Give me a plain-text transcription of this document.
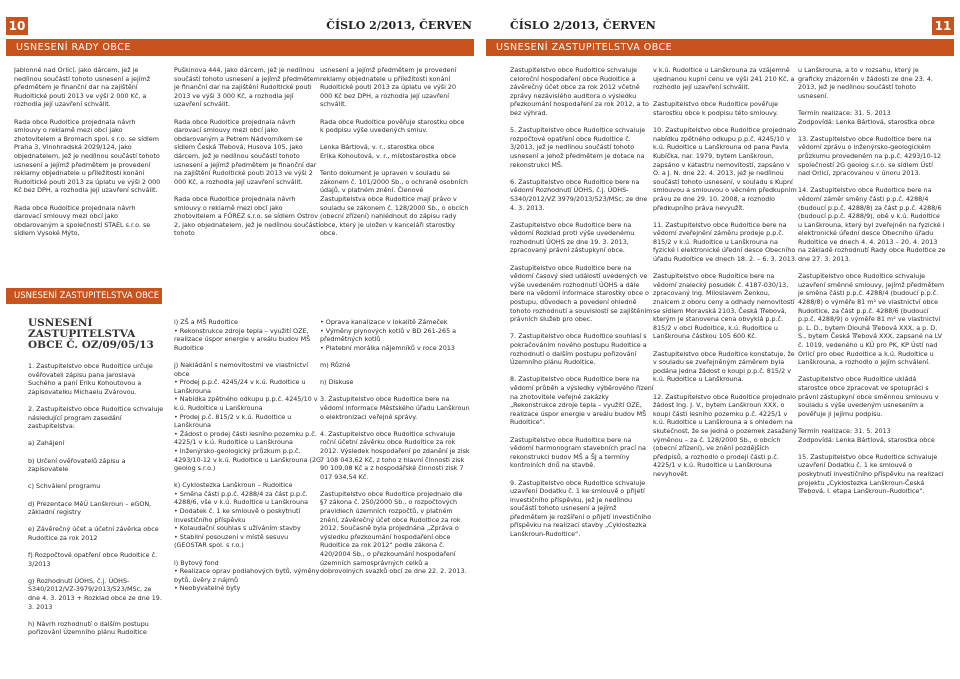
10	ČÍSLO 2/2013, ČERVEN
USNESENÍ RADY OBCE

Jablonné nad Orlicí, jako dárcem, jež je nedílnou součástí tohoto usnesení a jejímž předmětem je finanční dar na zajištění Rudoltické pouti 2013 ve výši 2 000 Kč, a rozhodla její uzavření schválit.

Rada obce Rudoltice projednala návrh smlouvy o reklamě mezi obcí jako zhotovitelem a Bromach spol. s r.o. se sídlem Praha 3, Vinohradská 2029/124, jako objednatelem, jež je nedílnou součástí tohoto usnesení a jejímž předmětem je provedení reklamy objednatele u příležitosti konání Rudoltické pouti 2013 za úplatu ve výši 2 000 Kč bez DPH, a rozhodla její uzavření schválit.

Rada obce Rudoltice projednala návrh darovací smlouvy mezi obcí jako obdarovaným a společností STAEL s.r.o. se sídlem Vysoké Mýto,

Puškinova 444, jako dárcem, jež je nedílnou součástí tohoto usnesení a jejímž předmětem je finanční dar na zajištění Rudoltické pouti 2013 ve výši 3 000 Kč, a rozhodla její uzavření schválit.

Rada obce Rudoltice projednala návrh darovací smlouvy mezi obcí jako obdarovaným a Petrem Nádvorníkem se sídlem Česká Třebová, Husova 105, jako dárcem, jež je nedílnou součástí tohoto usnesení a jejímž předmětem je finanční dar na zajištění Rudoltické pouti 2013 ve výši 2 000 Kč, a rozhodla její uzavření schválit.

Rada obce Rudoltice projednala návrh smlouvy o reklamě mezi obcí jako zhotovitelem a FÓREZ s.r.o. se sídlem Ostrov 2, jako objednatelem, jež je nedílnou součástí tohoto

usnesení a jejímž předmětem je provedení reklamy objednatele u příležitosti konání Rudoltické pouti 2013 za úplatu ve výši 20 000 Kč bez DPH, a rozhodla její uzavření schválit.

Rada obce Rudoltice pověřuje starostku obce k podpisu výše uvedených smluv.

Lenka Bártlová, v. r., starostka obce
Erika Kohoutová, v. r., místostarostka obce

Tento dokument je upraven v souladu se zákonem č. 101/2000 Sb., o ochraně osobních údajů, v platném znění. Členové Zastupitelstva obce Rudoltice mají právo v souladu se zákonem č. 128/2000 Sb., o obcích (obecní zřízení) nahlédnout do zápisu rady obce, který je uložen v kanceláři starostky obce.

USNESENÍ ZASTUPITELSTVA OBCE
USNESENÍ ZASTUPITELSTVA OBCE Č. OZ/09/05/13

1. Zastupitelstvo obce Rudoltice určuje ověřovateli zápisu pana Jaroslava Suchého a paní Eriku Kohoutovou a zapisovatelku Michaelu Zvárovou.

2. Zastupitelstvo obce Rudoltice schvaluje následující program zasedání zastupitelstva:

a) Zahájení

b) Určení ověřovatelů zápisu a zapisovatele

c) Schválení programu

d) Prezentace MěÚ Lanškroun – eGON, základní registry

e) Závěrečný účet a účetní závěrka obce Rudoltice za rok 2012

f) Rozpočtové opatření obce Rudoltice č. 3/2013

g) Rozhodnutí ÚOHS, č.j. ÚOHS-S340/2012/VZ-3979/2013/523/MSc, ze dne 4. 3. 2013 + Rozklad obce ze dne 19. 3. 2013

h) Návrh rozhodnutí o dalším postupu pořizování Územního plánu Rudoltice

i) ZŠ a MŠ Rudoltice
• Rekonstrukce zdroje tepla – využití OZE, realizace úspor energie v areálu budov MŠ Rudoltice

j) Nakládání s nemovitostmi ve vlastnictví obce
• Prodej p.p.č. 4245/24 v k.ú. Rudoltice u Lanškrouna
• Nabídka zpětného odkupu p.p.č. 4245/10 v k.ú. Rudoltice u Lanškrouna
• Prodej p.č. 815/2 v k.ú. Rudoltice u Lanškrouna
• Žádost o prodej části lesního pozemku p.č. 4225/1 v k.ú. Rudoltice u Lanškrouna
• Inženýrsko-geologický průzkum p.p.č. 4293/10-12 v k.ú. Rudoltice u Lanškrouna (2G geolog s.r.o.)

k) Cyklostezka Lanškroun – Rudoltice
• Směna části p.p.č. 4288/4 za část p.p.č. 4288/6, vše v k.ú. Rudoltice u Lanškrouna
• Dodatek č. 1 ke smlouvě o poskytnutí investičního příspěvku
• Kolaudační souhlas s užíváním stavby
• Stabilní posouzení v místě sesuvu (GEOSTAR spol. s r.o.)

l) Bytový fond
• Realizace oprav podlahových bytů, výměny bytů, úvěry z nájmů
• Neobyvatelné byty

• Oprava kanalizace v lokalitě Zámeček
• Výměny plynových kotlů v BD 261-265 a předmětných kotlů
• Platební morálka nájemníků v roce 2013

m) Různé

n) Diskuse

3. Zastupitelstvo obce Rudoltice bere na vědomí informace Městského úřadu Lanškroun o elektronizaci veřejné správy.

4. Zastupitelstvo obce Rudoltice schvaluje roční účetní závěrku obce Rudoltice za rok 2012. Výsledek hospodaření po zdanění je zisk 7 108 043,62 Kč, z toho z hlavní činnosti zisk 90 109,08 Kč a z hospodářské činnosti zisk 7 017 934,54 Kč.

Zastupitelstvo obce Rudoltice projednalo dle §7 zákona č. 250/2000 Sb., o rozpočtových pravidlech územních rozpočtů, v platném znění, závěrečný účet obce Rudoltice za rok 2012. Současně byla projednána „Zpráva o výsledku přezkoumání hospodaření obce Rudoltice za rok 2012“ podle zákona č. 420/2004 Sb., o přezkoumání hospodaření územních samosprávných celků a dobrovolných svazků obcí ze dne 22. 2. 2013.

ČÍSLO 2/2013, ČERVEN	11
USNESENÍ ZASTUPITELSTVA OBCE

Zastupitelstvo obce Rudoltice schvaluje celoroční hospodaření obce Rudoltice a závěrečný účet obce za rok 2012 včetně zprávy nezávislého auditora o výsledku přezkoumání hospodaření za rok 2012, a to bez výhrad.

5. Zastupitelstvo obce Rudoltice schvaluje rozpočtové opatření obce Rudoltice č. 3/2013, jež je nedílnou součástí tohoto usnesení a jehož předmětem je dotace na rekonstrukci MŠ.

6. Zastupitelstvo obce Rudoltice bere na vědomí Rozhodnutí ÚOHS, č.j. ÚOHS-S340/2012/VZ 3979/2013/523/MSc, ze dne 4. 3. 2013.

Zastupitelstvo obce Rudoltice bere na vědomí Rozklad proti výše uvedenému rozhodnutí ÚOHS ze dne 19. 3. 2013, zpracovaný právní zástupkyní obce.

Zastupitelstvo obce Rudoltice bere na vědomí časový sled událostí uvedených ve výše uvedeném rozhodnutí ÚOHS a dále bere na vědomí informace starostky obce o postupu, důvodech a povedení ohledně tohoto rozhodnutí a souvislostí se zajištěním právních služeb pro obec.

7. Zastupitelstvo obce Rudoltice souhlasí s pokračováním nového postupu Rudoltice a rozhodnutí o dalším postupu pořizování Územního plánu Rudoltice.

8. Zastupitelstvo obce Rudoltice bere na vědomí průběh a výsledky výběrového řízení na zhotovitele veřejné zakázky „Rekonstrukce zdroje tepla – využití OZE, realizace úspor energie v areálu budov MŠ Rudoltice“.

Zastupitelstvo obce Rudoltice bere na vědomí harmonogram stavebních prací na rekonstrukci budov MŠ a ŠJ a termíny kontrolních dnů na stavbě.

9. Zastupitelstvo obce Rudoltice schvaluje uzavření Dodatku č. 1 ke smlouvě o přijetí investičního příspěvku, jež je nedílnou součástí tohoto usnesení a jejímž předmětem je rozšíření o přijetí investičního příspěvku na realizaci stavby „Cyklostezka Lanškroun-Rudoltice“.

v k.ú. Rudoltice u Lanškrouna za vzájemně ujednanou kupní cenu ve výši 241 210 Kč, a rozhodlo její uzavření schválit.

Zastupitelstvo obce Rudoltice pověřuje starostku obce k podpisu této smlouvy.

10. Zastupitelstvo obce Rudoltice projednalo nabídku zpětného odkupu p.p.č. 4245/10 v k.ú. Rudoltice u Lanškrouna od pana Pavla Kubíčka, nar. 1979, bytem Lanškroun, zapsáno v katastru nemovitostí, zapsáno v O. a J. N. dne 22. 4. 2013, jež je nedílnou součástí tohoto usnesení, v souladu s Kupní smlouvou a smlouvou o věcném předkupním právu ze dne 29. 10. 2008, a rozhodlo předkupního práva nevyužít.

11. Zastupitelstvo obce Rudoltice bere na vědomí zveřejnění záměru prodeje p.p.č. 815/2 v k.ú. Rudoltice u Lanškrouna na fyzické i elektronické úřední desce Obecního úřadu Rudoltice ve dnech 18. 2. – 6. 3. 2013.

Zastupitelstvo obce Rudoltice bere na vědomí znalecký posudek č. 4187-030/13, zpracovaný Ing. Miloslavem Ženkou, znalcem z oboru ceny a odhady nemovitostí se sídlem Moravská 2103, Česká Třebová, kterým je stanovena cena obvyklá p.p.č. 815/2 v obci Rudoltice, k.ú. Rudoltice u Lanškrouna částkou 105 600 Kč.

Zastupitelstvo obce Rudoltice konstatuje, že v souladu se zveřejněným záměrem byla podána jedna žádost o koupi p.p.č. 815/2 v k.ú. Rudoltice u Lanškrouna.

12. Zastupitelstvo obce Rudoltice projednalo žádost Ing. J. V., bytem Lanškroun XXX, o koupi části lesního pozemku p.č. 4225/1 v k.ú. Rudoltice u Lanškrouna a s ohledem na skutečnost, že se jedná o pozemek zasažený výměnou – za č. 128/2000 Sb., o obcích (obecní zřízení), ve znění pozdějších předpisů, a rozhodlo o prodeji části p.č. 4225/1 v k.ú. Rudoltice u Lanškrouna nevyhovět.

u Lanškrouna, a to v rozsahu, který je graficky znázorněn v žádosti ze dne 23. 4. 2013, jež je nedílnou součástí tohoto usnesení.

Termín realizace: 31. 5. 2013
Zodpovídá: Lenka Bártlová, starostka obce

13. Zastupitelstvo obce Rudoltice bere na vědomí zprávu o inženýrsko-geologickém průzkumu provedeném na p.p.č. 4293/10-12 společností 2G geolog s.r.o. se sídlem Ústí nad Orlicí, zpracovanou v únoru 2013.

14. Zastupitelstvo obce Rudoltice bere na vědomí záměr směny části p.p.č. 4288/4 (budoucí p.p.č. 4288/8) za část p.p.č. 4288/6 (budoucí p.p.č. 4288/9), obě v k.ú. Rudoltice u Lanškrouna, který byl zveřejněn na fyzické i elektronické úřední desce Obecního úřadu Rudoltice ve dnech 4. 4. 2013 – 20. 4. 2013 na základě rozhodnutí Rady obce Rudoltice ze dne 27. 3. 2013.

Zastupitelstvo obce Rudoltice schvaluje uzavření směnné smlouvy, jejímž předmětem je směna části p.p.č. 4288/4 (budoucí p.p.č. 4288/8) o výměře 81 m² ve vlastnictví obce Rudoltice, za část p.p.č. 4288/6 (budoucí p.p.č. 4288/9) o výměře 81 m² ve vlastnictví p. L. D., bytem Dlouhá Třebová XXX, a p. D. S., bytem Česká Třebová XXX, zapsané na LV č. 1019, vedeného u KÚ pro PK, KP Ústí nad Orlicí pro obec Rudoltice a k.ú. Rudoltice u Lanškrouna, a rozhodlo o jejím schválení.

Zastupitelstvo obce Rudoltice ukládá starostce obce zpracovat ve spolupráci s právní zástupkyní obce směnnou smlouvu v souladu s výše uvedeným usnesením a pověřuje ji jejímu podpisu.

Termín realizace: 31. 5. 2013
Zodpovídá: Lenka Bártlová, starostka obce

15. Zastupitelstvo obce Rudoltice schvaluje uzavření Dodatku č. 1 ke smlouvě o poskytnutí investičního příspěvku na realizaci projektu „Cyklostezka Lanškroun-Česká Třebová, I. etapa Lanškroun–Rudoltice“.
